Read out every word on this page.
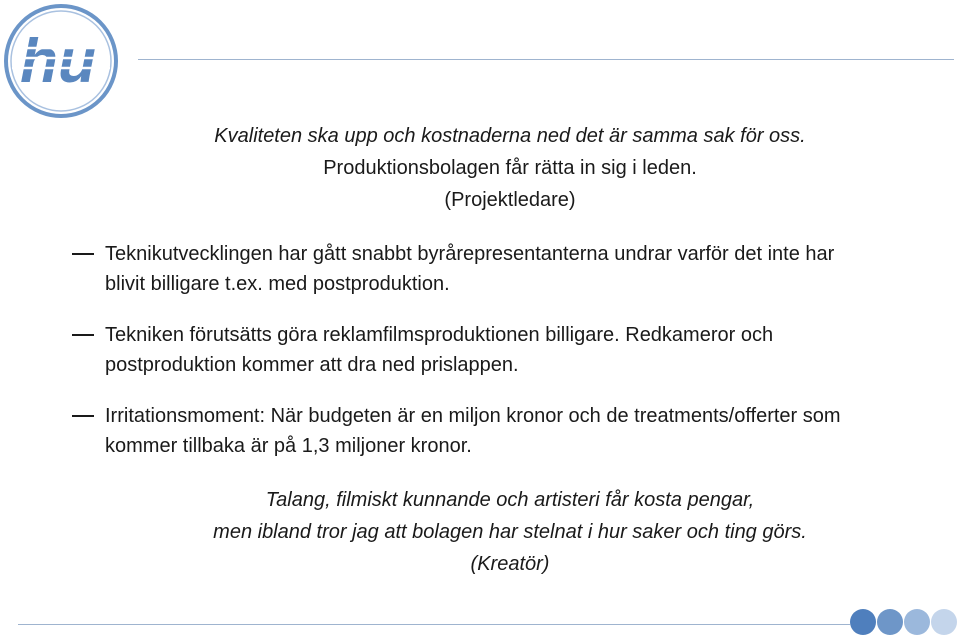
hu
Kvaliteten ska upp och kostnaderna ned det är samma sak för oss.
Produktionsbolagen får rätta in sig i leden.
(Projektledare)
Teknikutvecklingen har gått snabbt byrårepresentanterna undrar varför det inte har
blivit billigare t.ex. med postproduktion.
Tekniken förutsätts göra reklamfilmsproduktionen billigare. Redkameror och
postproduktion kommer att dra ned prislappen.
Irritationsmoment: När budgeten är en miljon kronor och de treatments/offerter som
kommer tillbaka är på 1,3 miljoner kronor.
Talang, filmiskt kunnande och artisteri får kosta pengar,
men ibland tror jag att bolagen har stelnat i hur saker och ting görs.
(Kreatör)
